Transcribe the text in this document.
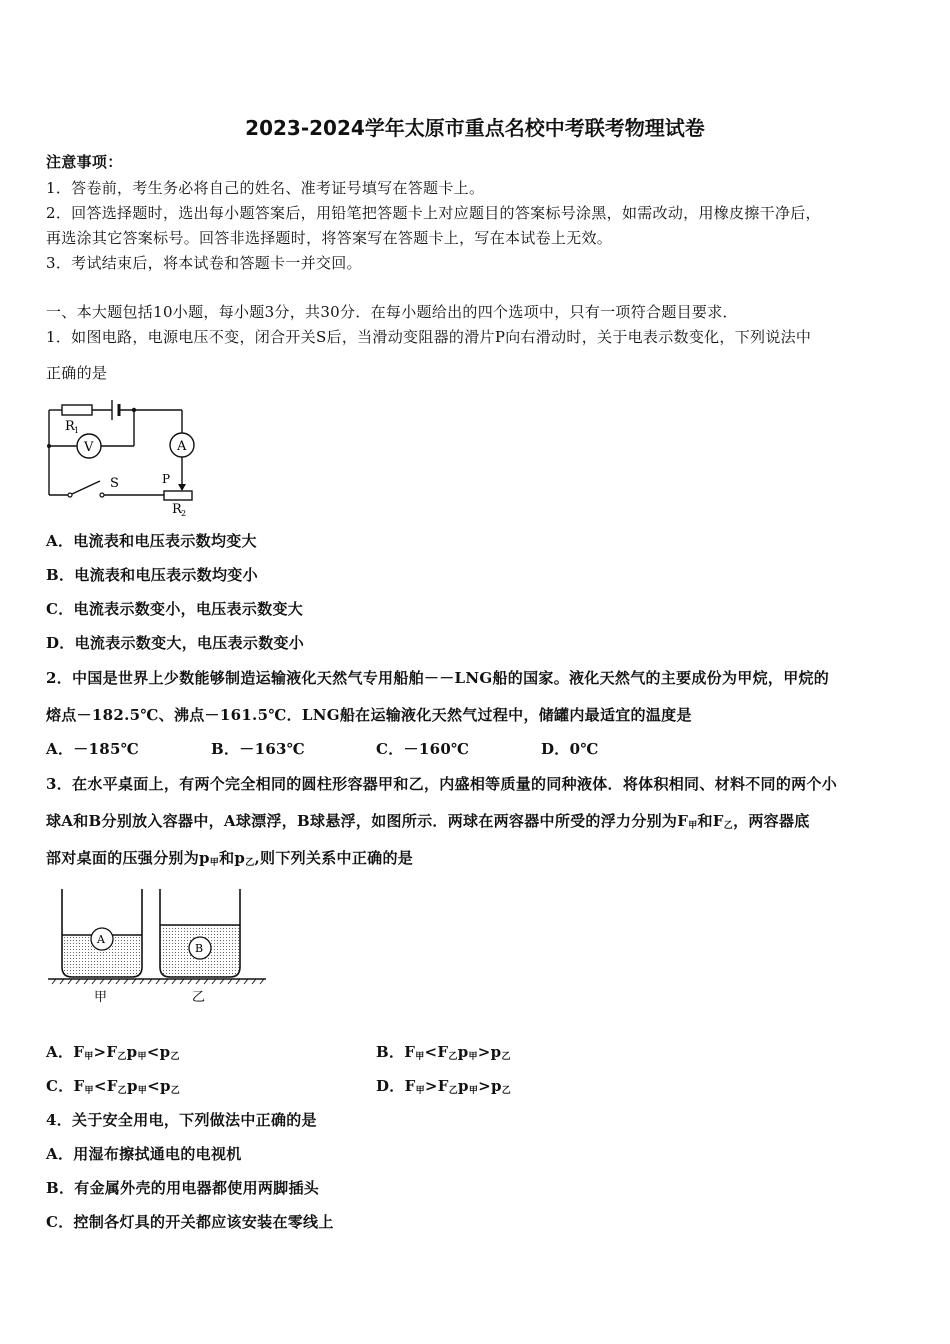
2023-2024学年太原市重点名校中考联考物理试卷
注意事项：
1．答卷前，考生务必将自己的姓名、准考证号填写在答题卡上。
2．回答选择题时，选出每小题答案后，用铅笔把答题卡上对应题目的答案标号涂黑，如需改动，用橡皮擦干净后，
再选涂其它答案标号。回答非选择题时，将答案写在答题卡上，写在本试卷上无效。
3．考试结束后，将本试卷和答题卡一并交回。
一、本大题包括10小题，每小题3分，共30分．在每小题给出的四个选项中，只有一项符合题目要求．
1．如图电路，电源电压不变，闭合开关S后，当滑动变阻器的滑片P向右滑动时，关于电表示数变化，下列说法中
正确的是
R 1
V	A
S	P
R 2
A．电流表和电压表示数均变大
B．电流表和电压表示数均变小
C．电流表示数变小，电压表示数变大
D．电流表示数变大，电压表示数变小
2．中国是世界上少数能够制造运输液化天然气专用船舶－－LNG船的国家。液化天然气的主要成份为甲烷，甲烷的
熔点－182.5℃、沸点－161.5℃．LNG船在运输液化天然气过程中，储罐内最适宜的温度是
A．－185℃	B．－163℃	C．－160℃	D．0℃
3．在水平桌面上，有两个完全相同的圆柱形容器甲和乙，内盛相等质量的同种液体．将体积相同、材料不同的两个小
球A和B分别放入容器中，A球漂浮，B球悬浮，如图所示．两球在两容器中所受的浮力分别为$F_甲$和$F_乙$，两容器底
部对桌面的压强分别为$p_甲$和$p_乙$,则下列关系中正确的是
A
B
甲	乙
A．$F_甲>F_乙p_甲<p_乙$	B．$F_甲<F_乙p_甲>p_乙$
C．$F_甲<F_乙p_甲<p_乙$	D．$F_甲>F_乙p_甲>p_乙$
4．关于安全用电，下列做法中正确的是
A．用湿布擦拭通电的电视机
B．有金属外壳的用电器都使用两脚插头
C．控制各灯具的开关都应该安装在零线上
